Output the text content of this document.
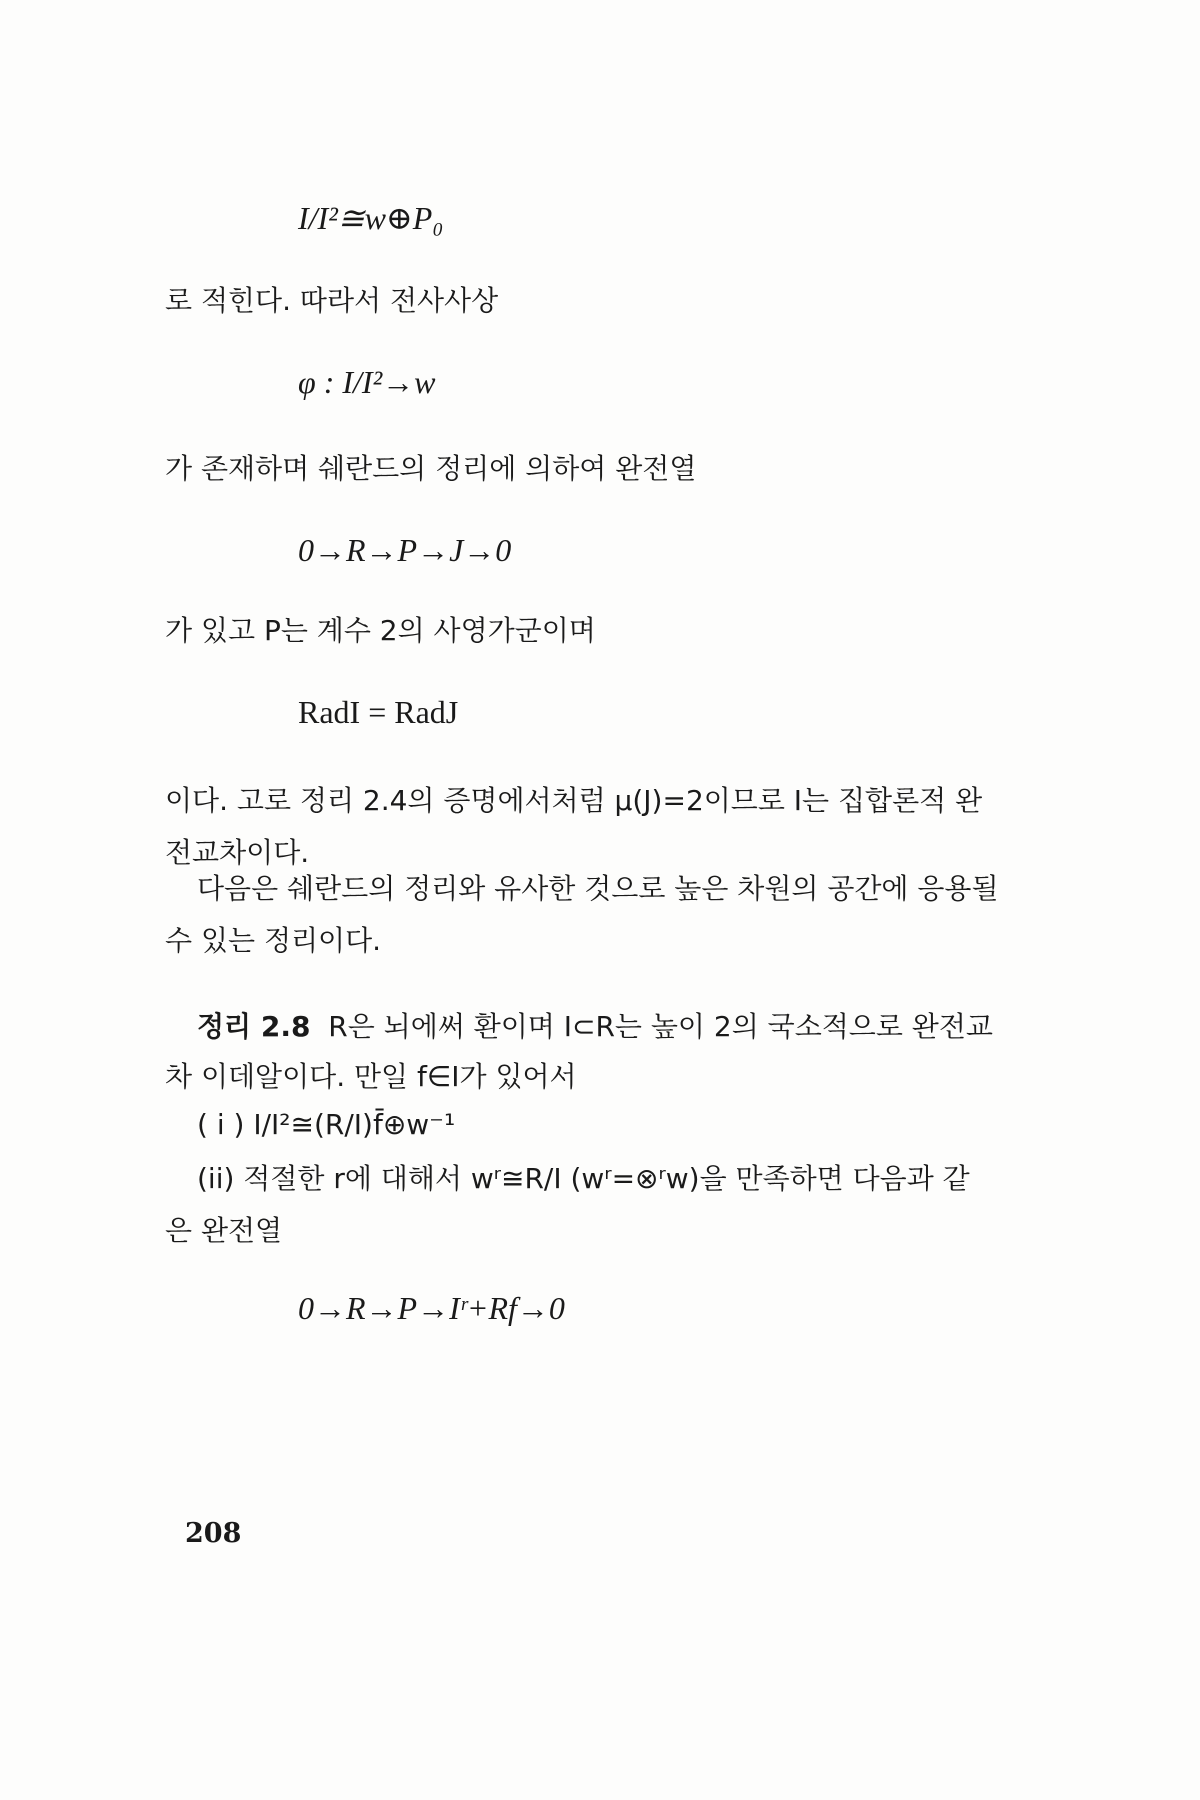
I/I²≅w⊕P₀
로 적힌다. 따라서 전사사상
φ : I/I²→w
가 존재하며 쉐란드의 정리에 의하여 완전열
0→R→P→J→0
가 있고 P는 계수 2의 사영가군이며
RadI = RadJ
이다. 고로 정리 2.4의 증명에서처럼 μ(J)=2이므로 I는 집합론적 완
전교차이다.
다음은 쉐란드의 정리와 유사한 것으로 높은 차원의 공간에 응용될
수 있는 정리이다.
정리 2.8 R은 뇌에써 환이며 I⊂R는 높이 2의 국소적으로 완전교
차 이데알이다. 만일 f∈I가 있어서
( i ) I/I²≅(R/I)f̄⊕w⁻¹
(ii) 적절한 r에 대해서 wʳ≅R/I (wʳ=⊗ʳw)을 만족하면 다음과 같
은 완전열
0→R→P→Iʳ+Rf→0
208
